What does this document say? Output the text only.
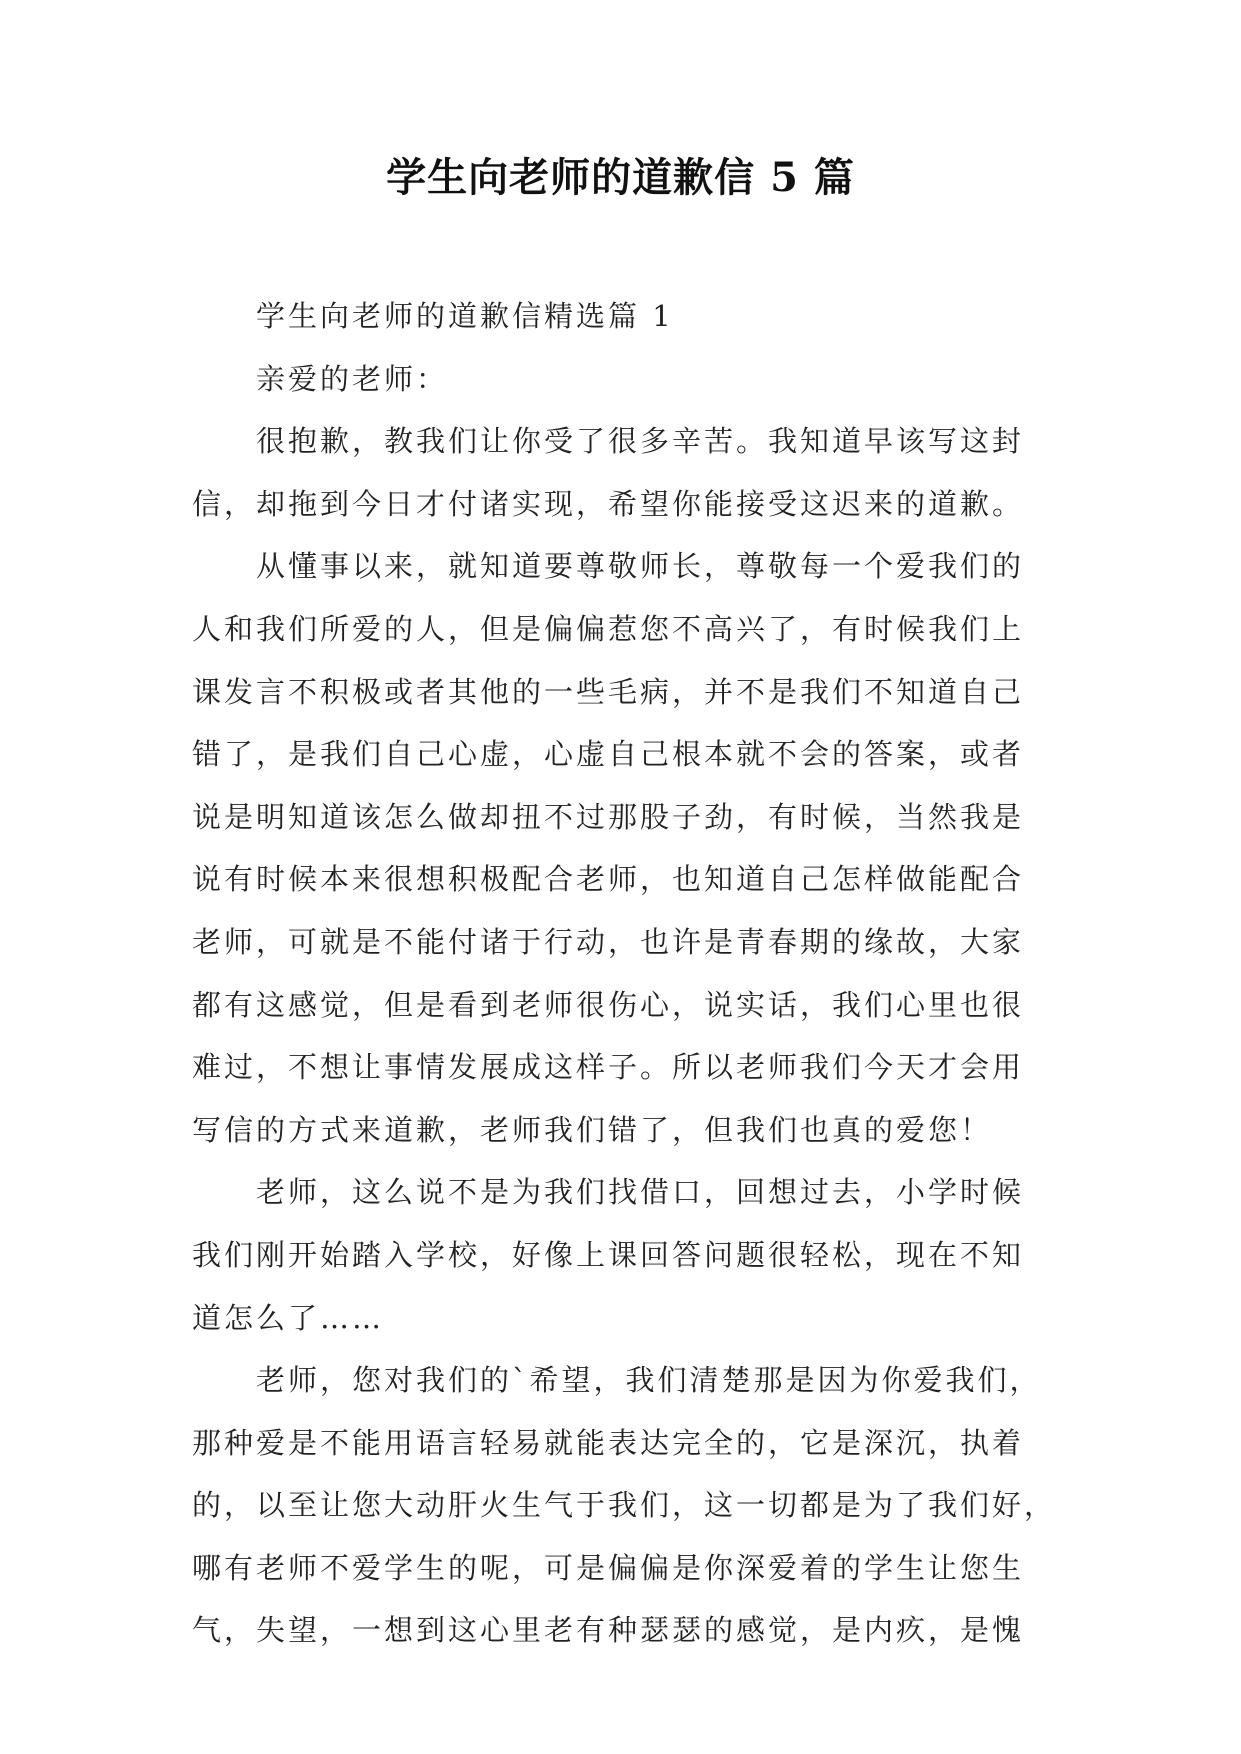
学生向老师的道歉信 5 篇
学生向老师的道歉信精选篇 1
亲爱的老师：
很抱歉，教我们让你受了很多辛苦。我知道早该写这封
信，却拖到今日才付诸实现，希望你能接受这迟来的道歉。
从懂事以来，就知道要尊敬师长，尊敬每一个爱我们的
人和我们所爱的人，但是偏偏惹您不高兴了，有时候我们上
课发言不积极或者其他的一些毛病，并不是我们不知道自己
错了，是我们自己心虚，心虚自己根本就不会的答案，或者
说是明知道该怎么做却扭不过那股子劲，有时候，当然我是
说有时候本来很想积极配合老师，也知道自己怎样做能配合
老师，可就是不能付诸于行动，也许是青春期的缘故，大家
都有这感觉，但是看到老师很伤心，说实话，我们心里也很
难过，不想让事情发展成这样子。所以老师我们今天才会用
写信的方式来道歉，老师我们错了，但我们也真的爱您！
老师，这么说不是为我们找借口，回想过去，小学时候
我们刚开始踏入学校，好像上课回答问题很轻松，现在不知
道怎么了……
老师，您对我们的`希望，我们清楚那是因为你爱我们，
那种爱是不能用语言轻易就能表达完全的，它是深沉，执着
的，以至让您大动肝火生气于我们，这一切都是为了我们好，
哪有老师不爱学生的呢，可是偏偏是你深爱着的学生让您生
气，失望，一想到这心里老有种瑟瑟的感觉，是内疚，是愧
